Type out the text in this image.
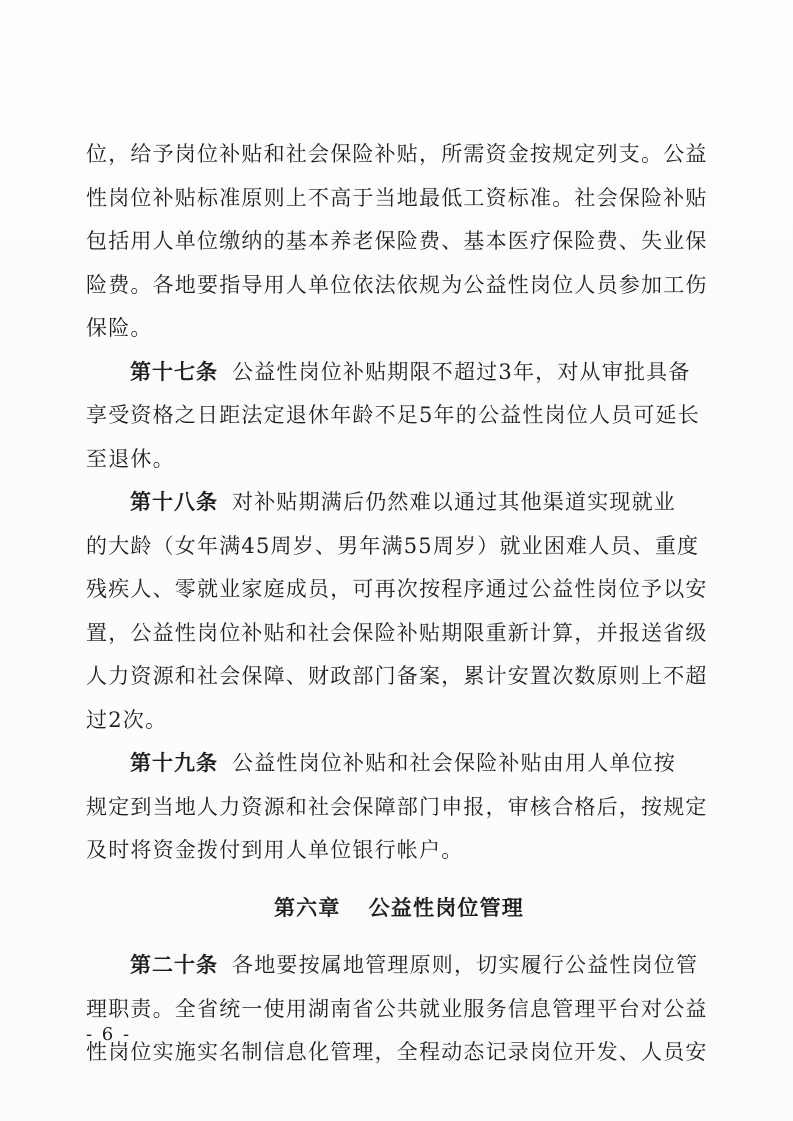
位，给予岗位补贴和社会保险补贴，所需资金按规定列支。公益
性岗位补贴标准原则上不高于当地最低工资标准。社会保险补贴
包括用人单位缴纳的基本养老保险费、基本医疗保险费、失业保
险费。各地要指导用人单位依法依规为公益性岗位人员参加工伤
保险。

第十七条 公益性岗位补贴期限不超过3年，对从审批具备
享受资格之日距法定退休年龄不足5年的公益性岗位人员可延长
至退休。

第十八条 对补贴期满后仍然难以通过其他渠道实现就业
的大龄（女年满45周岁、男年满55周岁）就业困难人员、重度
残疾人、零就业家庭成员，可再次按程序通过公益性岗位予以安
置，公益性岗位补贴和社会保险补贴期限重新计算，并报送省级
人力资源和社会保障、财政部门备案，累计安置次数原则上不超
过2次。

第十九条 公益性岗位补贴和社会保险补贴由用人单位按
规定到当地人力资源和社会保障部门申报，审核合格后，按规定
及时将资金拨付到用人单位银行帐户。

第六章 公益性岗位管理

第二十条 各地要按属地管理原则，切实履行公益性岗位管
理职责。全省统一使用湖南省公共就业服务信息管理平台对公益
性岗位实施实名制信息化管理，全程动态记录岗位开发、人员安

- 6 -
